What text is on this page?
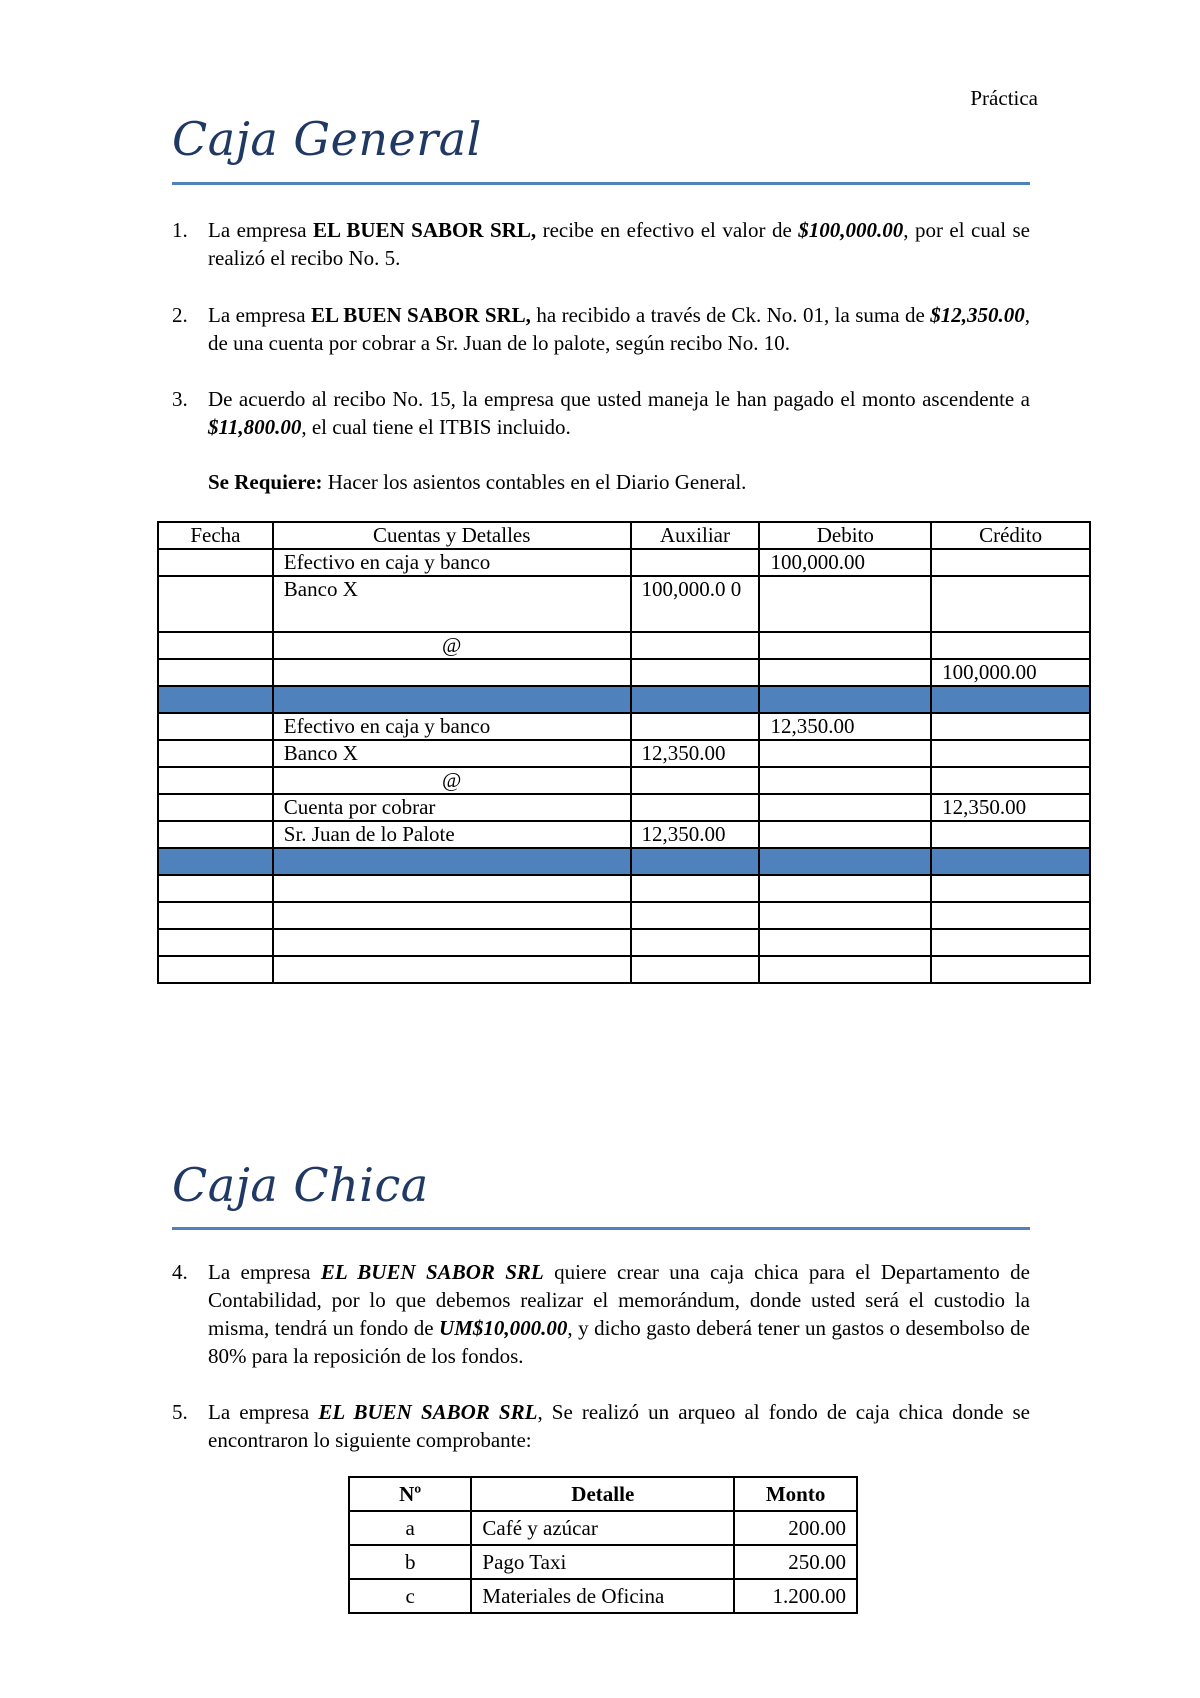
Práctica
Caja General
1. La empresa EL BUEN SABOR SRL, recibe en efectivo el valor de $100,000.00, por el cual se realizó el recibo No. 5.
2. La empresa EL BUEN SABOR SRL, ha recibido a través de Ck. No. 01, la suma de $12,350.00, de una cuenta por cobrar a Sr. Juan de lo palote, según recibo No. 10.
3. De acuerdo al recibo No. 15, la empresa que usted maneja le han pagado el monto ascendente a $11,800.00, el cual tiene el ITBIS incluido.
Se Requiere: Hacer los asientos contables en el Diario General.
Fecha	Cuentas y Detalles	Auxiliar	Debito	Crédito
	Efectivo en caja y banco		100,000.00	
	Banco X	100,000.0 0		
	@			
				100,000.00

	Efectivo en caja y banco		12,350.00	
	Banco X	12,350.00		
	@			
	Cuenta por cobrar			12,350.00
	Sr. Juan de lo Palote	12,350.00		

Caja Chica
4. La empresa EL BUEN SABOR SRL quiere crear una caja chica para el Departamento de Contabilidad, por lo que debemos realizar el memorándum, donde usted será el custodio la misma, tendrá un fondo de UM$10,000.00, y dicho gasto deberá tener un gastos o desembolso de 80% para la reposición de los fondos.
5. La empresa EL BUEN SABOR SRL, Se realizó un arqueo al fondo de caja chica donde se encontraron lo siguiente comprobante:
Nº	Detalle	Monto
a	Café y azúcar	200.00
b	Pago Taxi	250.00
c	Materiales de Oficina	1.200.00
